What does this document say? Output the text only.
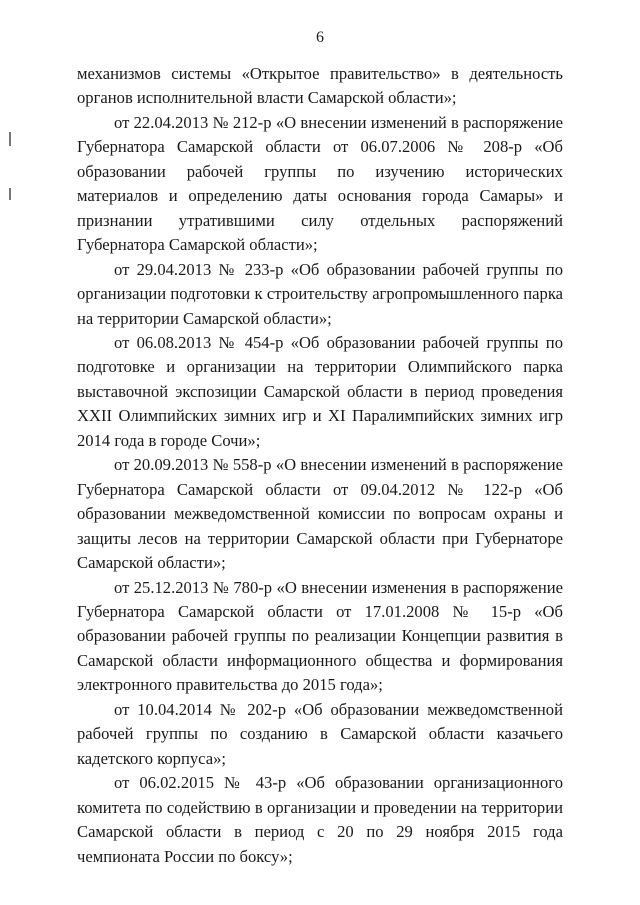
6

механизмов системы «Открытое правительство» в деятельность органов исполнительной власти Самарской области»;

от 22.04.2013 № 212-р «О внесении изменений в распоряжение Губернатора Самарской области от 06.07.2006 № 208-р «Об образовании рабочей группы по изучению исторических материалов и определению даты основания города Самары» и признании утратившими силу отдельных распоряжений Губернатора Самарской области»;

от 29.04.2013 № 233-р «Об образовании рабочей группы по организации подготовки к строительству агропромышленного парка на территории Самарской области»;

от 06.08.2013 № 454-р «Об образовании рабочей группы по подготовке и организации на территории Олимпийского парка выставочной экспозиции Самарской области в период проведения XXII Олимпийских зимних игр и XI Паралимпийских зимних игр 2014 года в городе Сочи»;

от 20.09.2013 № 558-р «О внесении изменений в распоряжение Губернатора Самарской области от 09.04.2012 № 122-р «Об образовании межведомственной комиссии по вопросам охраны и защиты лесов на территории Самарской области при Губернаторе Самарской области»;

от 25.12.2013 № 780-р «О внесении изменения в распоряжение Губернатора Самарской области от 17.01.2008 № 15-р «Об образовании рабочей группы по реализации Концепции развития в Самарской области информационного общества и формирования электронного правительства до 2015 года»;

от 10.04.2014 № 202-р «Об образовании межведомственной рабочей группы по созданию в Самарской области казачьего кадетского корпуса»;

от 06.02.2015 № 43-р «Об образовании организационного комитета по содействию в организации и проведении на территории Самарской области в период с 20 по 29 ноября 2015 года чемпионата России по боксу»;
